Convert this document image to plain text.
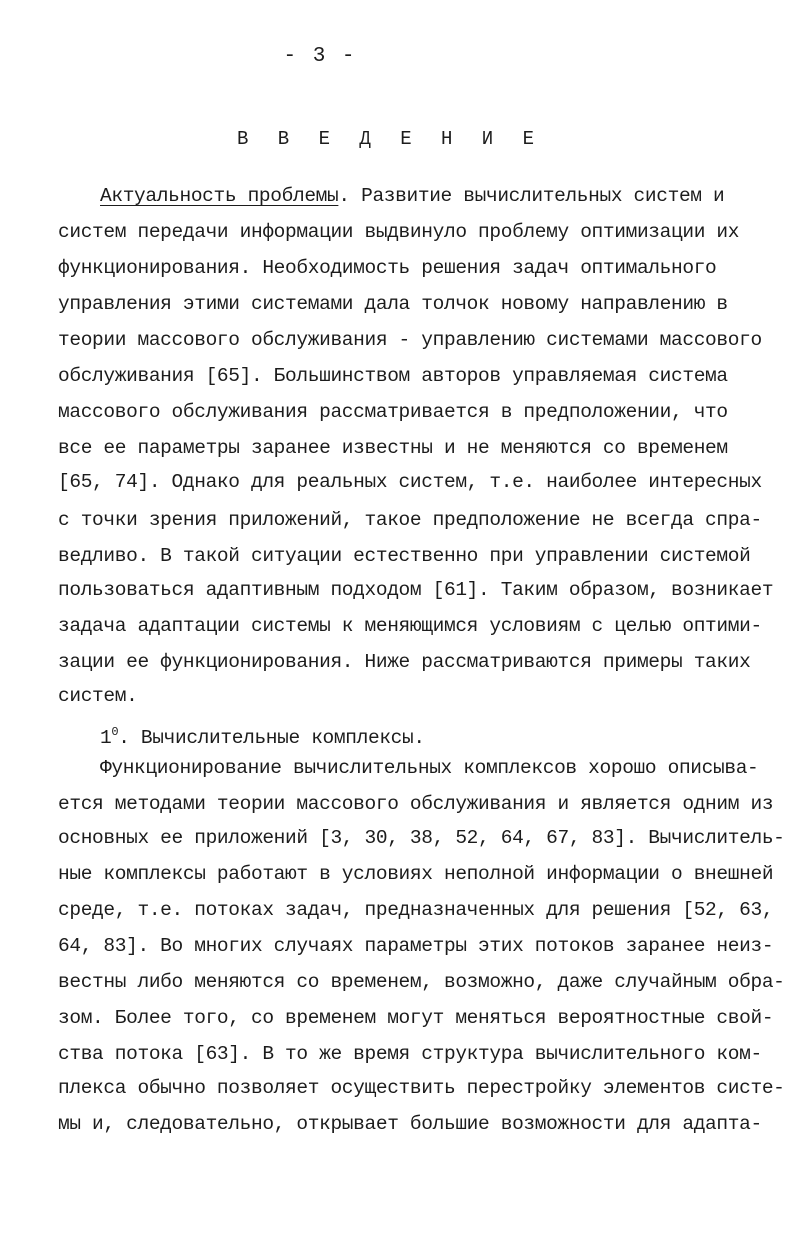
- 3 -
В В Е Д Е Н И Е
Актуальность проблемы. Развитие вычислительных систем и
систем передачи информации выдвинуло проблему оптимизации их
функционирования. Необходимость решения задач оптимального
управления этими системами дала толчок новому направлению в
теории массового обслуживания - управлению системами массового
обслуживания [65]. Большинством авторов управляемая система
массового обслуживания рассматривается в предположении, что
все ее параметры заранее известны и не меняются со временем
[65, 74]. Однако для реальных систем, т.е. наиболее интересных
с точки зрения приложений, такое предположение не всегда спра-
ведливо. В такой ситуации естественно при управлении системой
пользоваться адаптивным подходом [61]. Таким образом, возникает
задача адаптации системы к меняющимся условиям с целью оптими-
зации ее функционирования. Ниже рассматриваются примеры таких
систем.
$1^0$. Вычислительные комплексы.
Функционирование вычислительных комплексов хорошо описыва-
ется методами теории массового обслуживания и является одним из
основных ее приложений [3, 30, 38, 52, 64, 67, 83]. Вычислитель-
ные комплексы работают в условиях неполной информации о внешней
среде, т.е. потоках задач, предназначенных для решения [52, 63,
64, 83]. Во многих случаях параметры этих потоков заранее неиз-
вестны либо меняются со временем, возможно, даже случайным обра-
зом. Более того, со временем могут меняться вероятностные свой-
ства потока [63]. В то же время структура вычислительного ком-
плекса обычно позволяет осуществить перестройку элементов систе-
мы и, следовательно, открывает большие возможности для адапта-
